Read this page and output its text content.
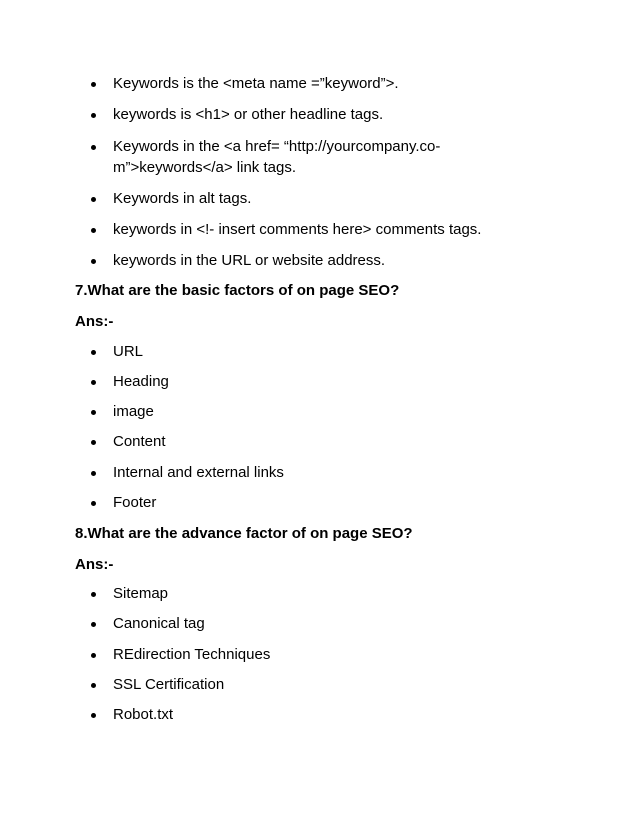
Keywords is the <meta name =”keyword”>.
keywords is <h1> or other headline tags.
Keywords in the <a href= “http://yourcompany.co-
m”>keywords</a> link tags.
Keywords in alt tags.
keywords in <!- insert comments here> comments tags.
keywords in the URL or website address.
7.What are the basic factors of on page SEO?
Ans:-
URL
Heading
image
Content
Internal and external links
Footer
8.What are the advance factor of on page SEO?
Ans:-
Sitemap
Canonical tag
REdirection Techniques
SSL Certification
Robot.txt
